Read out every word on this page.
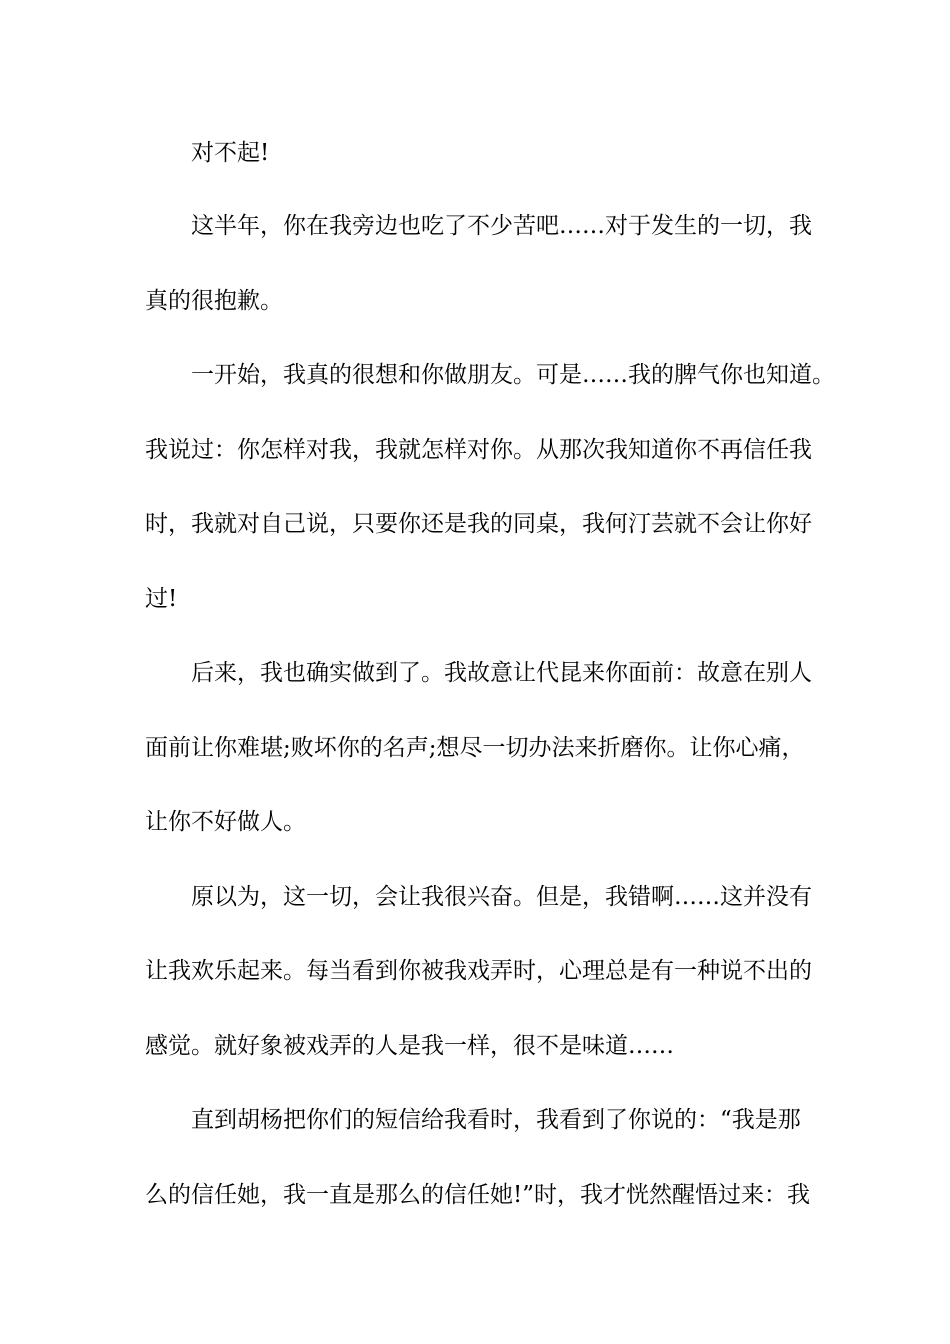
对不起!
这半年，你在我旁边也吃了不少苦吧……对于发生的一切，我
真的很抱歉。
一开始，我真的很想和你做朋友。可是……我的脾气你也知道。
我说过：你怎样对我，我就怎样对你。从那次我知道你不再信任我
时，我就对自己说，只要你还是我的同桌，我何汀芸就不会让你好
过!
后来，我也确实做到了。我故意让代昆来你面前：故意在别人
面前让你难堪;败坏你的名声;想尽一切办法来折磨你。让你心痛，
让你不好做人。
原以为，这一切，会让我很兴奋。但是，我错啊……这并没有
让我欢乐起来。每当看到你被我戏弄时，心理总是有一种说不出的
感觉。就好象被戏弄的人是我一样，很不是味道……
直到胡杨把你们的短信给我看时，我看到了你说的：“我是那
么的信任她，我一直是那么的信任她!”时，我才恍然醒悟过来：我
